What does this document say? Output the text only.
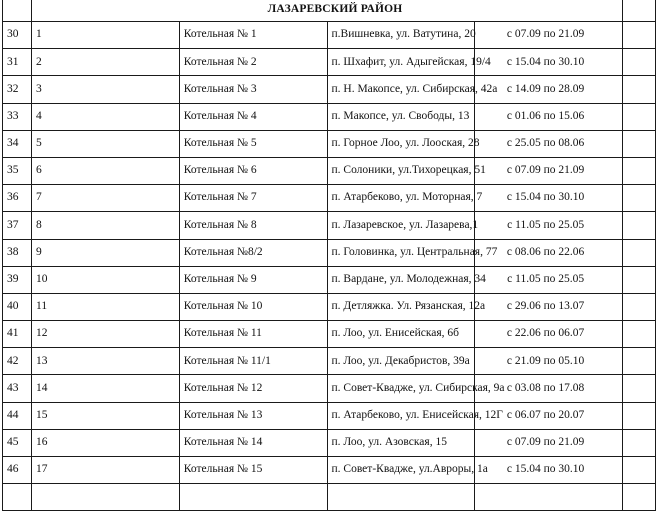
	ЛАЗАРЕВСКИЙ РАЙОН				
30	1	Котельная № 1	п.Вишневка, ул. Ватутина, 20	с 07.09 по 21.09	
31	2	Котельная № 2	п. Шхафит, ул. Адыгейская, 19/4	с 15.04 по 30.10	
32	3	Котельная № 3	п. Н. Макопсе, ул. Сибирская, 42а	с 14.09 по 28.09	
33	4	Котельная № 4	п. Макопсе, ул. Свободы, 13	с 01.06 по 15.06	
34	5	Котельная № 5	п. Горное Лоо, ул. Лооская, 28	с 25.05 по 08.06	
35	6	Котельная № 6	п. Солоники, ул.Тихорецкая, 51	с 07.09 по 21.09	
36	7	Котельная № 7	п. Атарбеково, ул. Моторная, 7	с 15.04 по 30.10	
37	8	Котельная № 8	п. Лазаревское, ул. Лазарева,1	с 11.05 по 25.05	
38	9	Котельная №8/2	п. Головинка, ул. Центральная, 77	с 08.06 по 22.06	
39	10	Котельная № 9	п. Вардане, ул. Молодежная, 34	с 11.05 по 25.05	
40	11	Котельная № 10	п. Детляжка. Ул. Рязанская, 12а	с 29.06 по 13.07	
41	12	Котельная № 11	п. Лоо, ул. Енисейская, 6б	с 22.06 по 06.07	
42	13	Котельная № 11/1	п. Лоо, ул. Декабристов, 39а	с 21.09 по 05.10	
43	14	Котельная № 12	п. Совет-Квадже, ул. Сибирская, 9а	с 03.08 по 17.08	
44	15	Котельная № 13	п. Атарбеково, ул. Енисейская, 12Г	с 06.07 по 20.07	
45	16	Котельная № 14	п. Лоо, ул. Азовская, 15	с 07.09 по 21.09	
46	17	Котельная № 15	п. Совет-Квадже, ул.Авроры, 1а	с 15.04 по 30.10	
